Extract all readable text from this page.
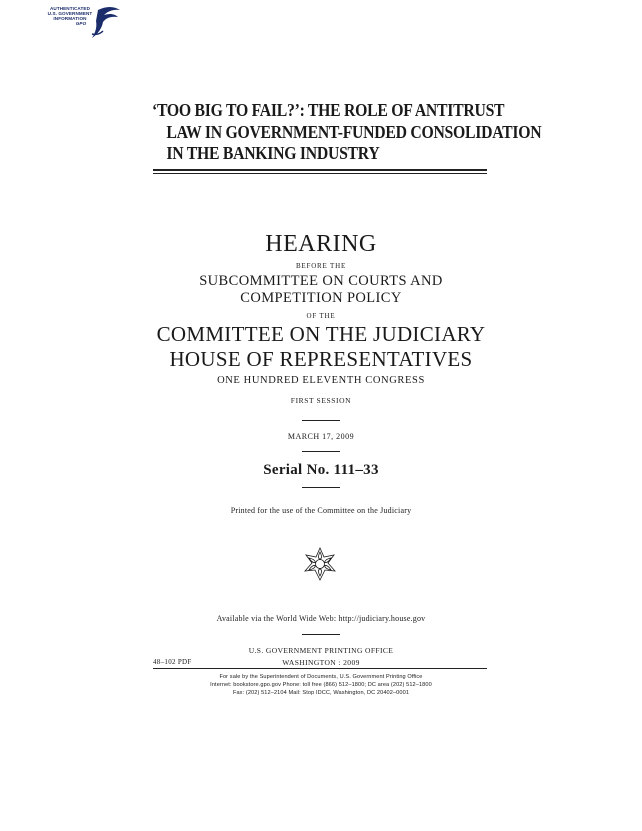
AUTHENTICATED
U.S. GOVERNMENT
INFORMATION
GPO
‘TOO BIG TO FAIL?’: THE ROLE OF ANTITRUST
LAW IN GOVERNMENT-FUNDED CONSOLIDATION
IN THE BANKING INDUSTRY
HEARING
BEFORE THE
SUBCOMMITTEE ON COURTS AND
COMPETITION POLICY
OF THE
COMMITTEE ON THE JUDICIARY
HOUSE OF REPRESENTATIVES
ONE HUNDRED ELEVENTH CONGRESS
FIRST SESSION
MARCH 17, 2009
Serial No. 111–33
Printed for the use of the Committee on the Judiciary
Available via the World Wide Web: http://judiciary.house.gov
U.S. GOVERNMENT PRINTING OFFICE
48–102 PDF	WASHINGTON : 2009
For sale by the Superintendent of Documents, U.S. Government Printing Office
Internet: bookstore.gpo.gov Phone: toll free (866) 512–1800; DC area (202) 512–1800
Fax: (202) 512–2104 Mail: Stop IDCC, Washington, DC 20402–0001
